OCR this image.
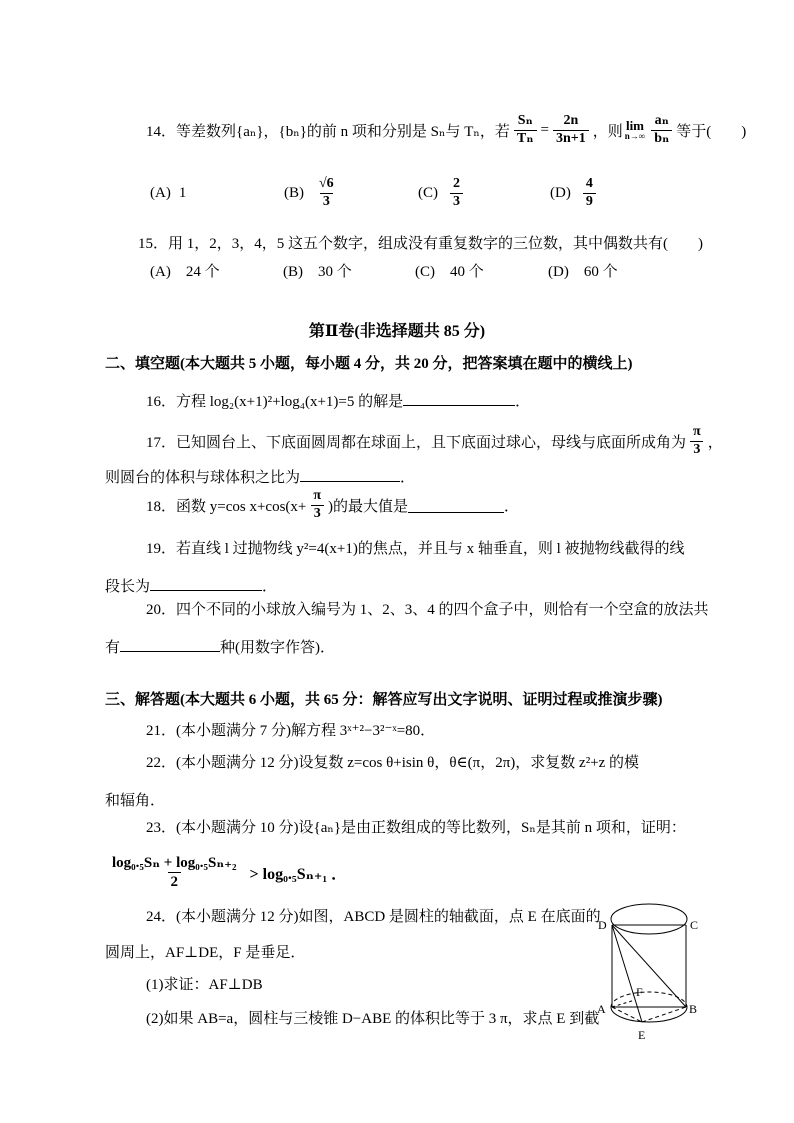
14．等差数列{aₙ}，{bₙ}的前 n 项和分别是 Sₙ与 Tₙ，若 $\frac{\text{Sₙ}}{\text{Tₙ}} = \frac{2n}{3n+1}$ ，则 lim
$n\to\infty \frac{\text{aₙ}}{\text{bₙ}}$ 等于(　　)
(A) 1	$(B) \frac{√6}{3}$	$(C) \frac{2}{3}$	$(D) \frac{4}{9}$
15．用 1，2，3，4，5 这五个数字，组成没有重复数字的三位数，其中偶数共有(　　)
(A)　24 个	(B)　30 个	(C)　40 个	(D)　60 个
第Ⅱ卷(非选择题共 85 分)
二、填空题(本大题共 5 小题，每小题 4 分，共 20 分，把答案填在题中的横线上)
16．方程 log₂(x+1)²+log₄(x+1)=5 的解是	．
17．已知圆台上、下底面圆周都在球面上，且下底面过球心，母线与底面所成角为 $\frac{\pi}{3}$ ，
则圆台的体积与球体积之比为	．
18．函数 y=cos $x+\cos(x+ \frac{\pi}{3}$ )的最大值是	．
19．若直线 l 过抛物线 y²=4(x+1)的焦点，并且与 x 轴垂直，则 l 被抛物线截得的线
段长为	．
20．四个不同的小球放入编号为 1、2、3、4 的四个盒子中，则恰有一个空盒的放法共
有	种(用数字作答)．
三、解答题(本大题共 6 小题，共 65 分：解答应写出文字说明、证明过程或推演步骤)
21．(本小题满分 7 分)解方程 3ˣ⁺²−3²⁻ˣ=80．
22．(本小题满分 12 分)设复数 z=cos θ+isin θ，θ∈(π，2π)，求复数 z²+z 的模
和辐角．
23．(本小题满分 10 分)设{aₙ}是由正数组成的等比数列，Sₙ是其前 n 项和，证明：
$\frac{\text{log₀.₅Sₙ + log₀.₅Sₙ₊₂}}{2} > \log_0._5S_{n+1}$ ．
24．(本小题满分 12 分)如图，ABCD 是圆柱的轴截面，点 E 在底面的
圆周上，AF⊥DE，F 是垂足．
(1)求证：AF⊥DB
(2)如果 AB=a，圆柱与三棱锥 D−ABE 的体积比等于 3 π，求点 E 到截
D	C
A	B
E
F
